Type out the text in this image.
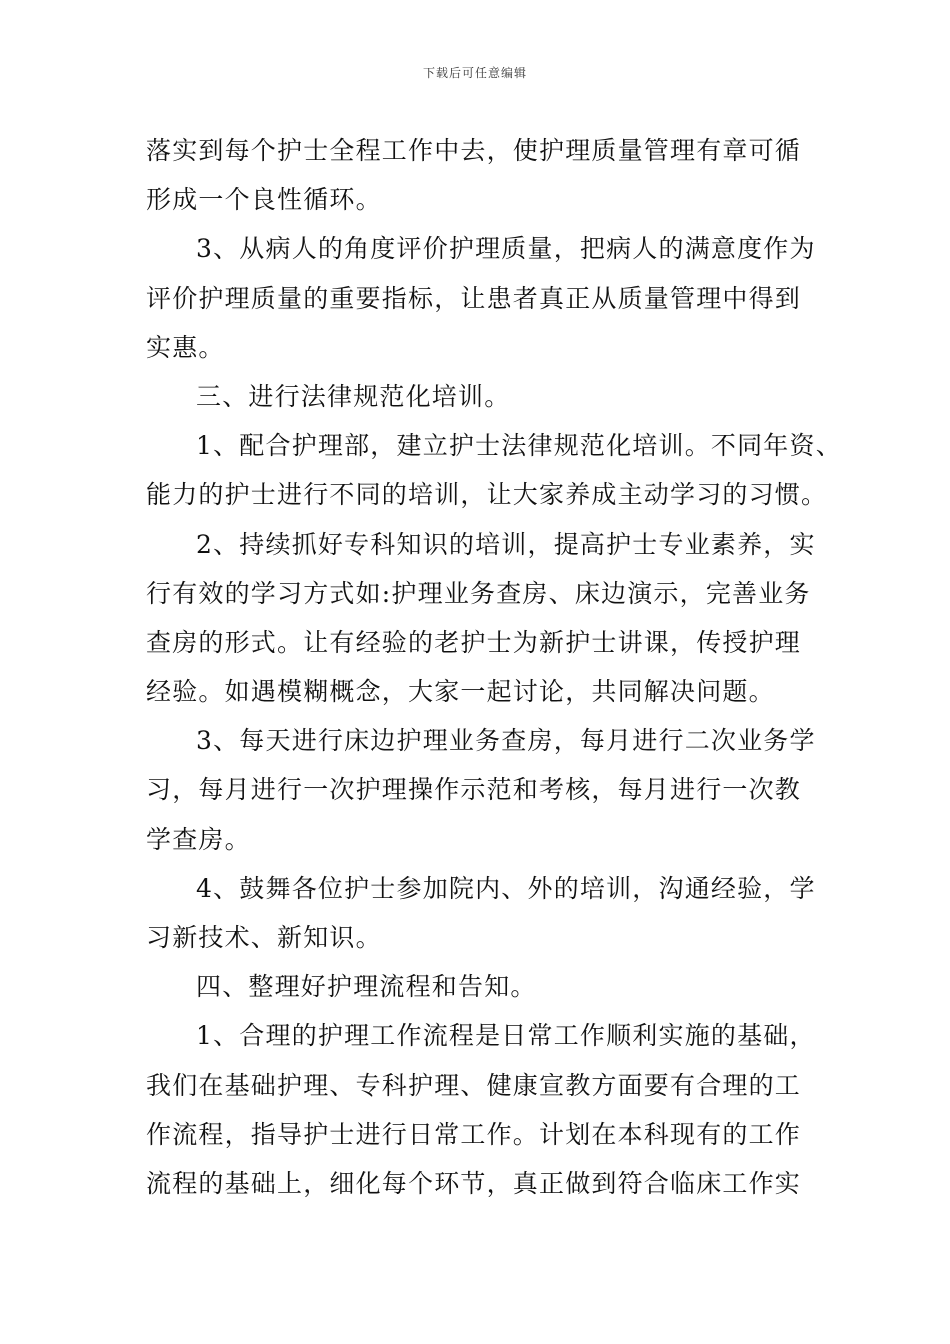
下载后可任意编辑
落实到每个护士全程工作中去，使护理质量管理有章可循
形成一个良性循环。
3、从病人的角度评价护理质量，把病人的满意度作为
评价护理质量的重要指标，让患者真正从质量管理中得到
实惠。
三、进行法律规范化培训。
1、配合护理部，建立护士法律规范化培训。不同年资、
能力的护士进行不同的培训，让大家养成主动学习的习惯。
2、持续抓好专科知识的培训，提高护士专业素养，实
行有效的学习方式如:护理业务查房、床边演示，完善业务
查房的形式。让有经验的老护士为新护士讲课，传授护理
经验。如遇模糊概念，大家一起讨论，共同解决问题。
3、每天进行床边护理业务查房，每月进行二次业务学
习，每月进行一次护理操作示范和考核，每月进行一次教
学查房。
4、鼓舞各位护士参加院内、外的培训，沟通经验，学
习新技术、新知识。
四、整理好护理流程和告知。
1、合理的护理工作流程是日常工作顺利实施的基础，
我们在基础护理、专科护理、健康宣教方面要有合理的工
作流程，指导护士进行日常工作。计划在本科现有的工作
流程的基础上，细化每个环节，真正做到符合临床工作实
